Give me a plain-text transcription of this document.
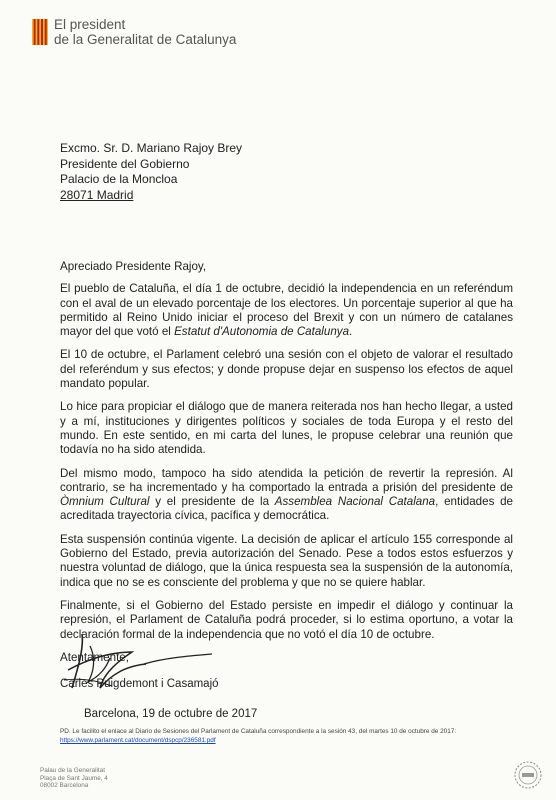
El president
de la Generalitat de Catalunya
Excmo. Sr. D. Mariano Rajoy Brey
Presidente del Gobierno
Palacio de la Moncloa
28071 Madrid

Apreciado Presidente Rajoy,

El pueblo de Cataluña, el día 1 de octubre, decidió la independencia en un referéndum con el aval de un elevado porcentaje de los electores. Un porcentaje superior al que ha permitido al Reino Unido iniciar el proceso del Brexit y con un número de catalanes mayor del que votó el Estatut d'Autonomia de Catalunya.

El 10 de octubre, el Parlament celebró una sesión con el objeto de valorar el resultado del referéndum y sus efectos; y donde propuse dejar en suspenso los efectos de aquel mandato popular.

Lo hice para propiciar el diálogo que de manera reiterada nos han hecho llegar, a usted y a mí, instituciones y dirigentes políticos y sociales de toda Europa y el resto del mundo. En este sentido, en mi carta del lunes, le propuse celebrar una reunión que todavía no ha sido atendida.

Del mismo modo, tampoco ha sido atendida la petición de revertir la represión. Al contrario, se ha incrementado y ha comportado la entrada a prisión del presidente de Òmnium Cultural y el presidente de la Assemblea Nacional Catalana, entidades de acreditada trayectoria cívica, pacífica y democrática.

Esta suspensión continúa vigente. La decisión de aplicar el artículo 155 corresponde al Gobierno del Estado, previa autorización del Senado. Pese a todos estos esfuerzos y nuestra voluntad de diálogo, que la única respuesta sea la suspensión de la autonomía, indica que no se es consciente del problema y que no se quiere hablar.

Finalmente, si el Gobierno del Estado persiste en impedir el diálogo y continuar la represión, el Parlament de Cataluña podrá proceder, si lo estima oportuno, a votar la declaración formal de la independencia que no votó el día 10 de octubre.

Atentamente,

Carles Puigdemont i Casamajó
Barcelona, 19 de octubre de 2017
PD. Le facilito el enlace al Diario de Sesiones del Parlament de Cataluña correspondiente a la sesión 43, del martes 10 de octubre de 2017: https://www.parlament.cat/document/dspcp/236581.pdf
Palau de la Generalitat
Plaça de Sant Jaume, 4
08002 Barcelona
